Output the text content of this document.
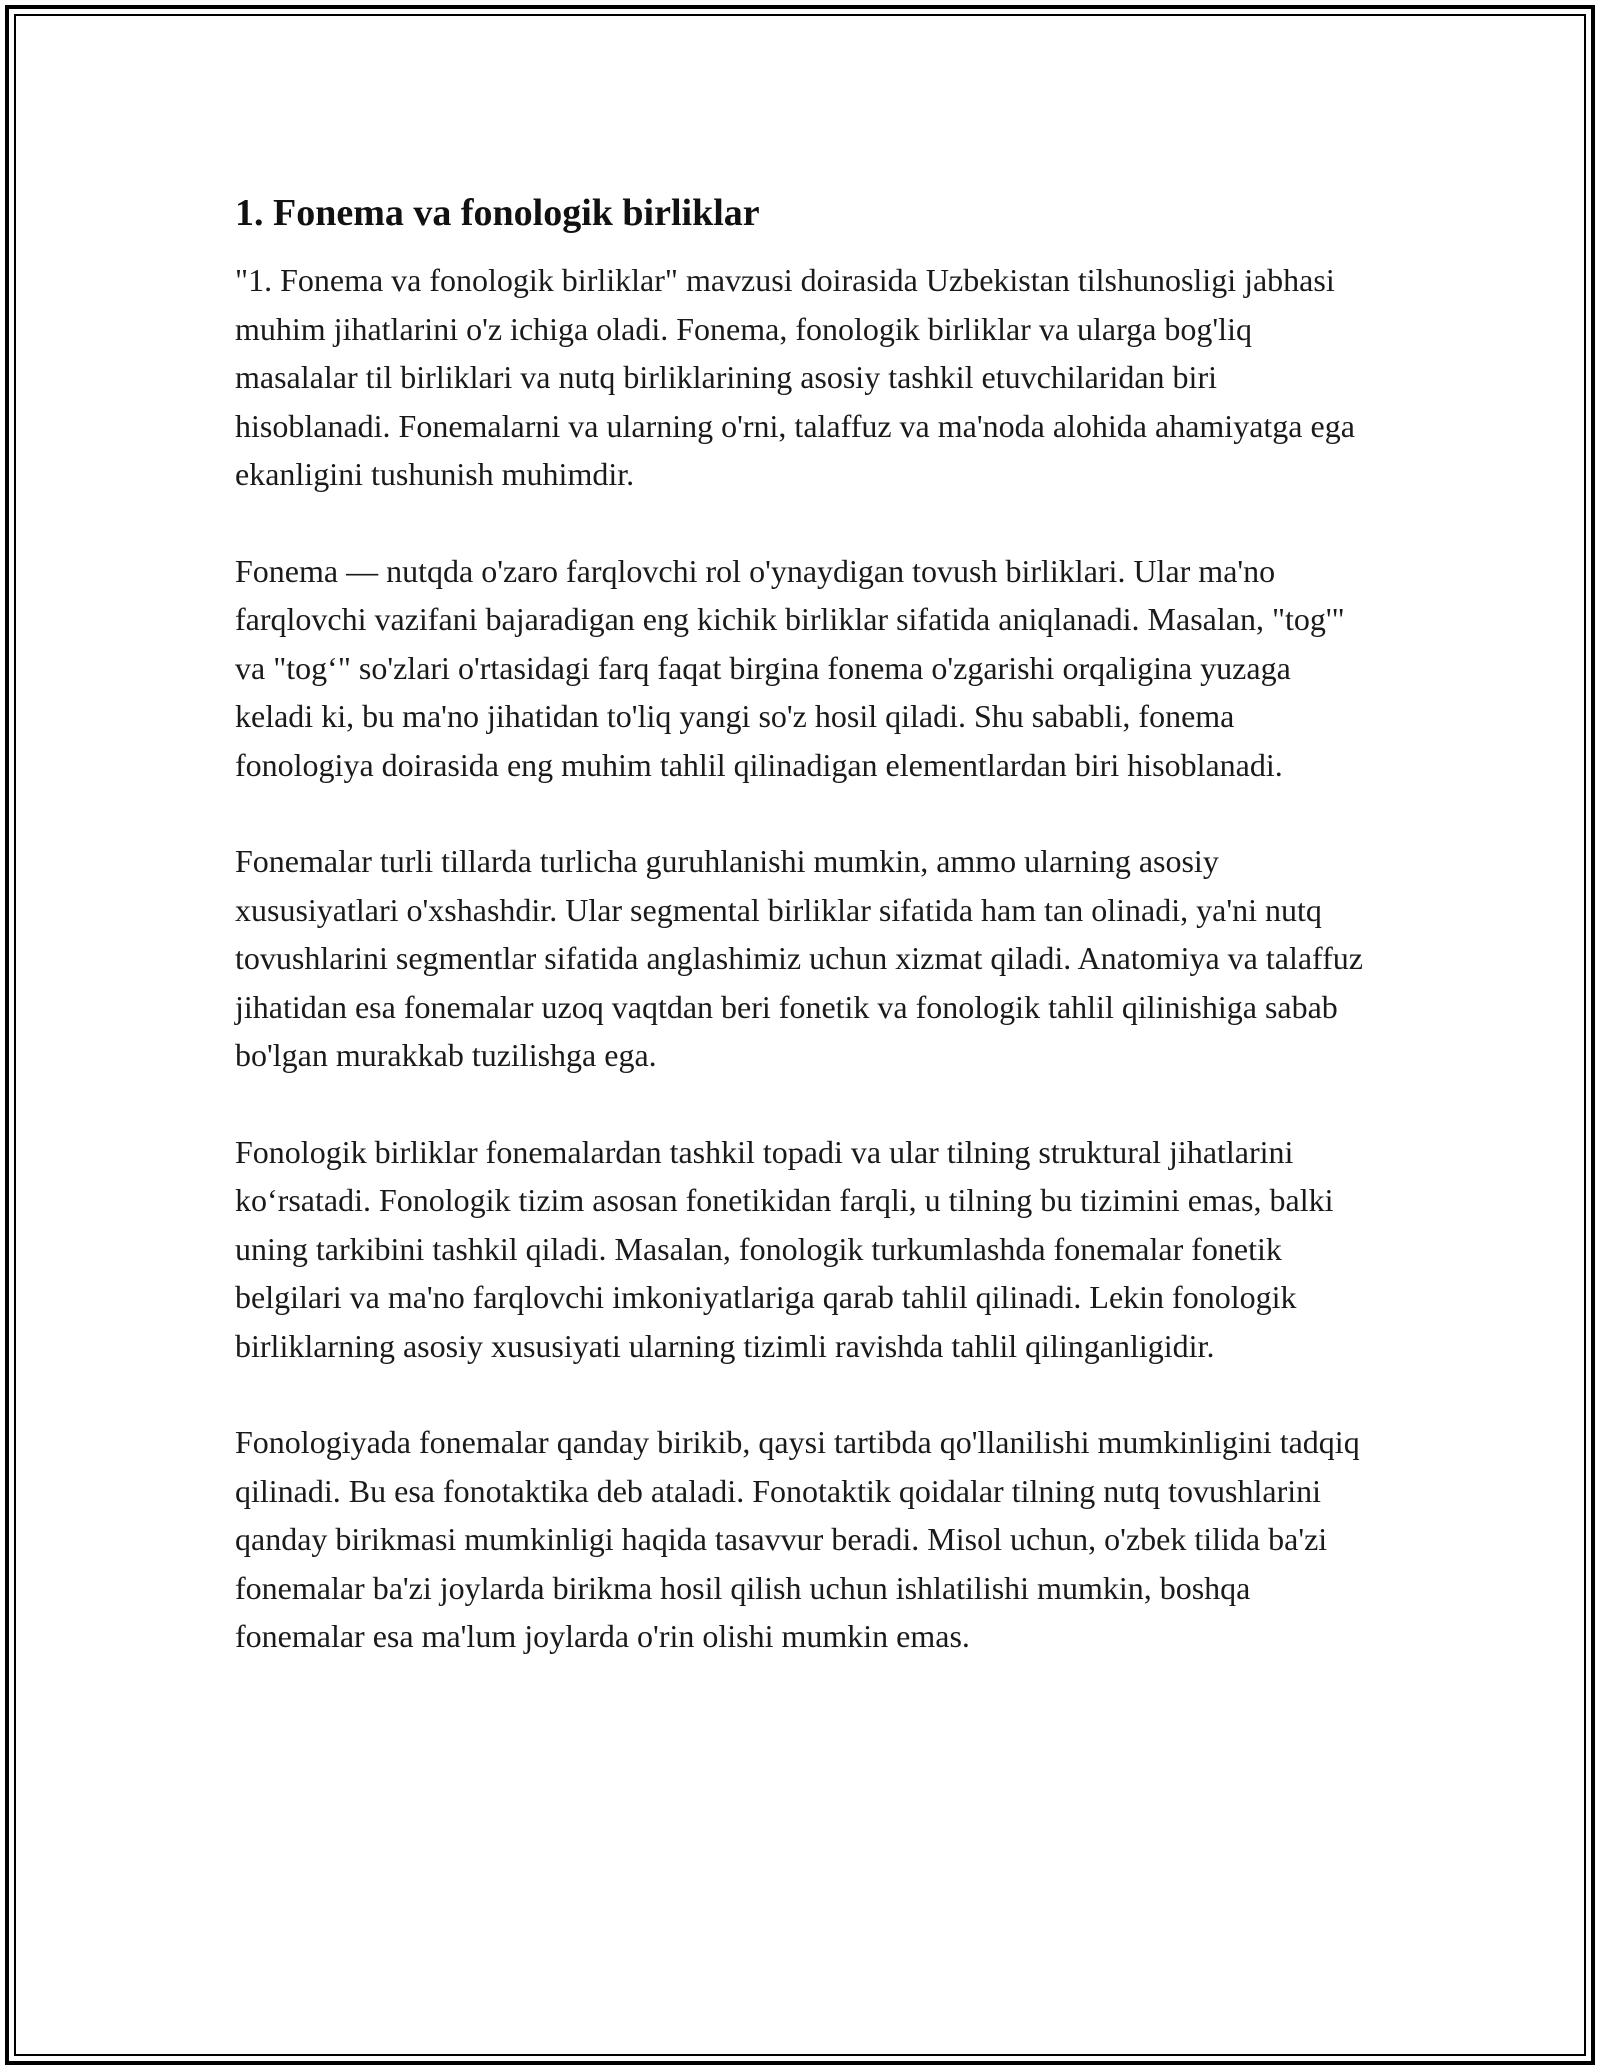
1. Fonema va fonologik birliklar

"1. Fonema va fonologik birliklar" mavzusi doirasida Uzbekistan tilshunosligi jabhasi muhim jihatlarini o'z ichiga oladi. Fonema, fonologik birliklar va ularga bog'liq masalalar til birliklari va nutq birliklarining asosiy tashkil etuvchilaridan biri hisoblanadi. Fonemalarni va ularning o'rni, talaffuz va ma'noda alohida ahamiyatga ega ekanligini tushunish muhimdir.

Fonema — nutqda o'zaro farqlovchi rol o'ynaydigan tovush birliklari. Ular ma'no farqlovchi vazifani bajaradigan eng kichik birliklar sifatida aniqlanadi. Masalan, "tog'" va "tog‘" so'zlari o'rtasidagi farq faqat birgina fonema o'zgarishi orqaligina yuzaga keladi ki, bu ma'no jihatidan to'liq yangi so'z hosil qiladi. Shu sababli, fonema fonologiya doirasida eng muhim tahlil qilinadigan elementlardan biri hisoblanadi.

Fonemalar turli tillarda turlicha guruhlanishi mumkin, ammo ularning asosiy xususiyatlari o'xshashdir. Ular segmental birliklar sifatida ham tan olinadi, ya'ni nutq tovushlarini segmentlar sifatida anglashimiz uchun xizmat qiladi. Anatomiya va talaffuz jihatidan esa fonemalar uzoq vaqtdan beri fonetik va fonologik tahlil qilinishiga sabab bo'lgan murakkab tuzilishga ega.

Fonologik birliklar fonemalardan tashkil topadi va ular tilning struktural jihatlarini ko‘rsatadi. Fonologik tizim asosan fonetikidan farqli, u tilning bu tizimini emas, balki uning tarkibini tashkil qiladi. Masalan, fonologik turkumlashda fonemalar fonetik belgilari va ma'no farqlovchi imkoniyatlariga qarab tahlil qilinadi. Lekin fonologik birliklarning asosiy xususiyati ularning tizimli ravishda tahlil qilinganligidir.

Fonologiyada fonemalar qanday birikib, qaysi tartibda qo'llanilishi mumkinligini tadqiq qilinadi. Bu esa fonotaktika deb ataladi. Fonotaktik qoidalar tilning nutq tovushlarini qanday birikmasi mumkinligi haqida tasavvur beradi. Misol uchun, o'zbek tilida ba'zi fonemalar ba'zi joylarda birikma hosil qilish uchun ishlatilishi mumkin, boshqa fonemalar esa ma'lum joylarda o'rin olishi mumkin emas.
